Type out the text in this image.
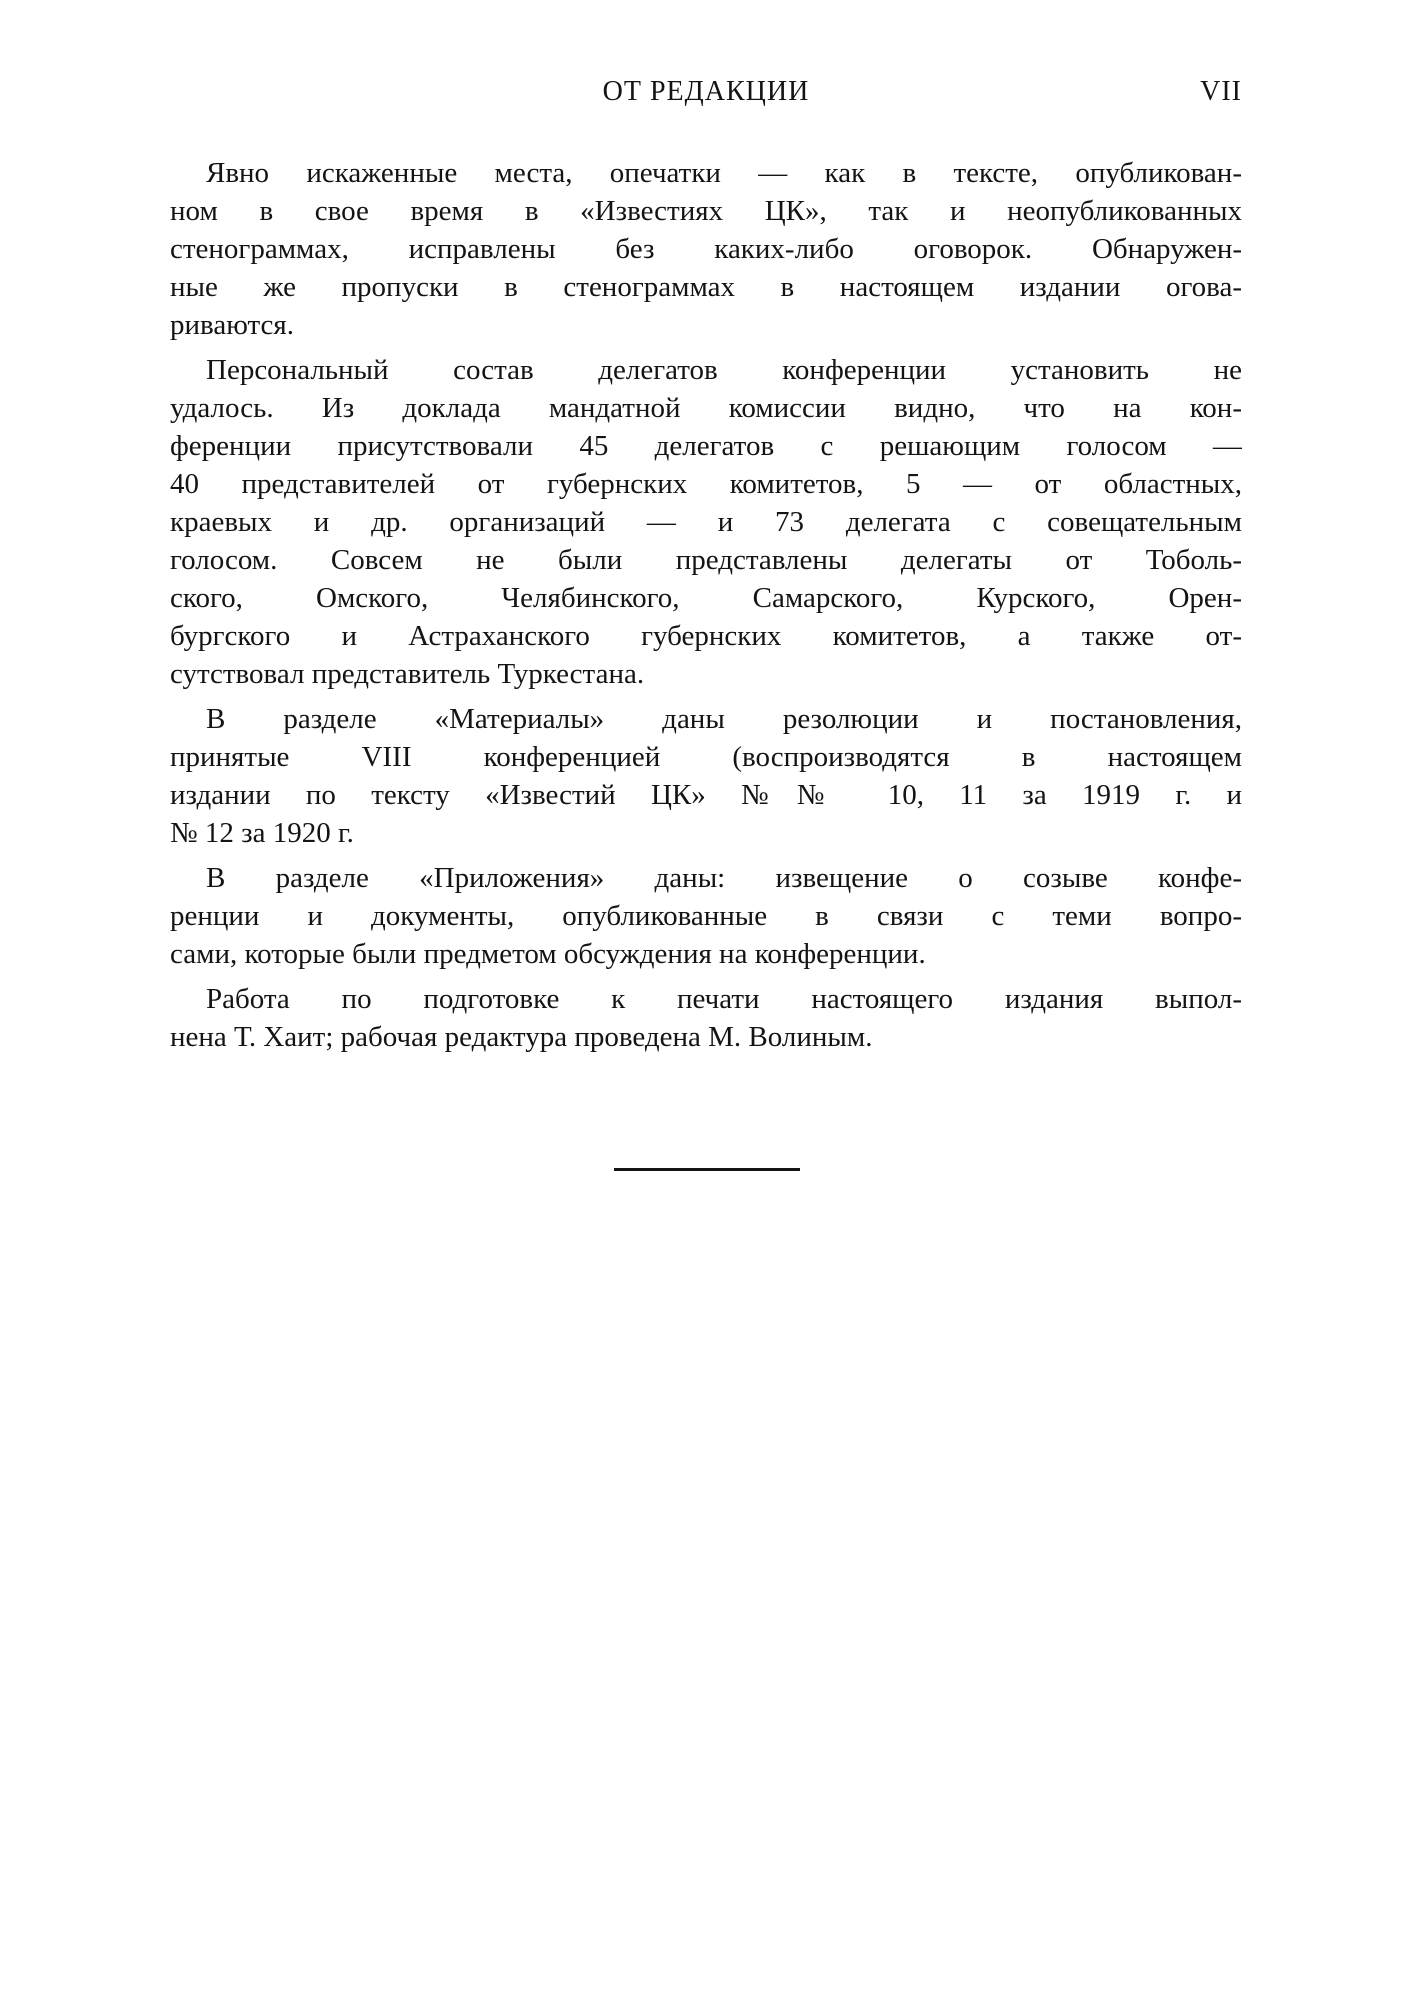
ОТ РЕДАКЦИИ	VII

Явно искаженные места, опечатки — как в тексте, опубликован-
ном в свое время в «Известиях ЦК», так и неопубликованных
стенограммах, исправлены без каких-либо оговорок. Обнаружен-
ные же пропуски в стенограммах в настоящем издании огова-
риваются.

Персональный состав делегатов конференции установить не
удалось. Из доклада мандатной комиссии видно, что на кон-
ференции присутствовали 45 делегатов с решающим голосом —
40 представителей от губернских комитетов, 5 — от областных,
краевых и др. организаций — и 73 делегата с совещательным
голосом. Совсем не были представлены делегаты от Тоболь-
ского, Омского, Челябинского, Самарского, Курского, Орен-
бургского и Астраханского губернских комитетов, а также от-
сутствовал представитель Туркестана.

В разделе «Материалы» даны резолюции и постановления,
принятые VIII конференцией (воспроизводятся в настоящем
издании по тексту «Известий ЦК» №№ 10, 11 за 1919 г. и
№ 12 за 1920 г.

В разделе «Приложения» даны: извещение о созыве конфе-
ренции и документы, опубликованные в связи с теми вопро-
сами, которые были предметом обсуждения на конференции.

Работа по подготовке к печати настоящего издания выпол-
нена Т. Хаит; рабочая редактура проведена М. Волиным.
